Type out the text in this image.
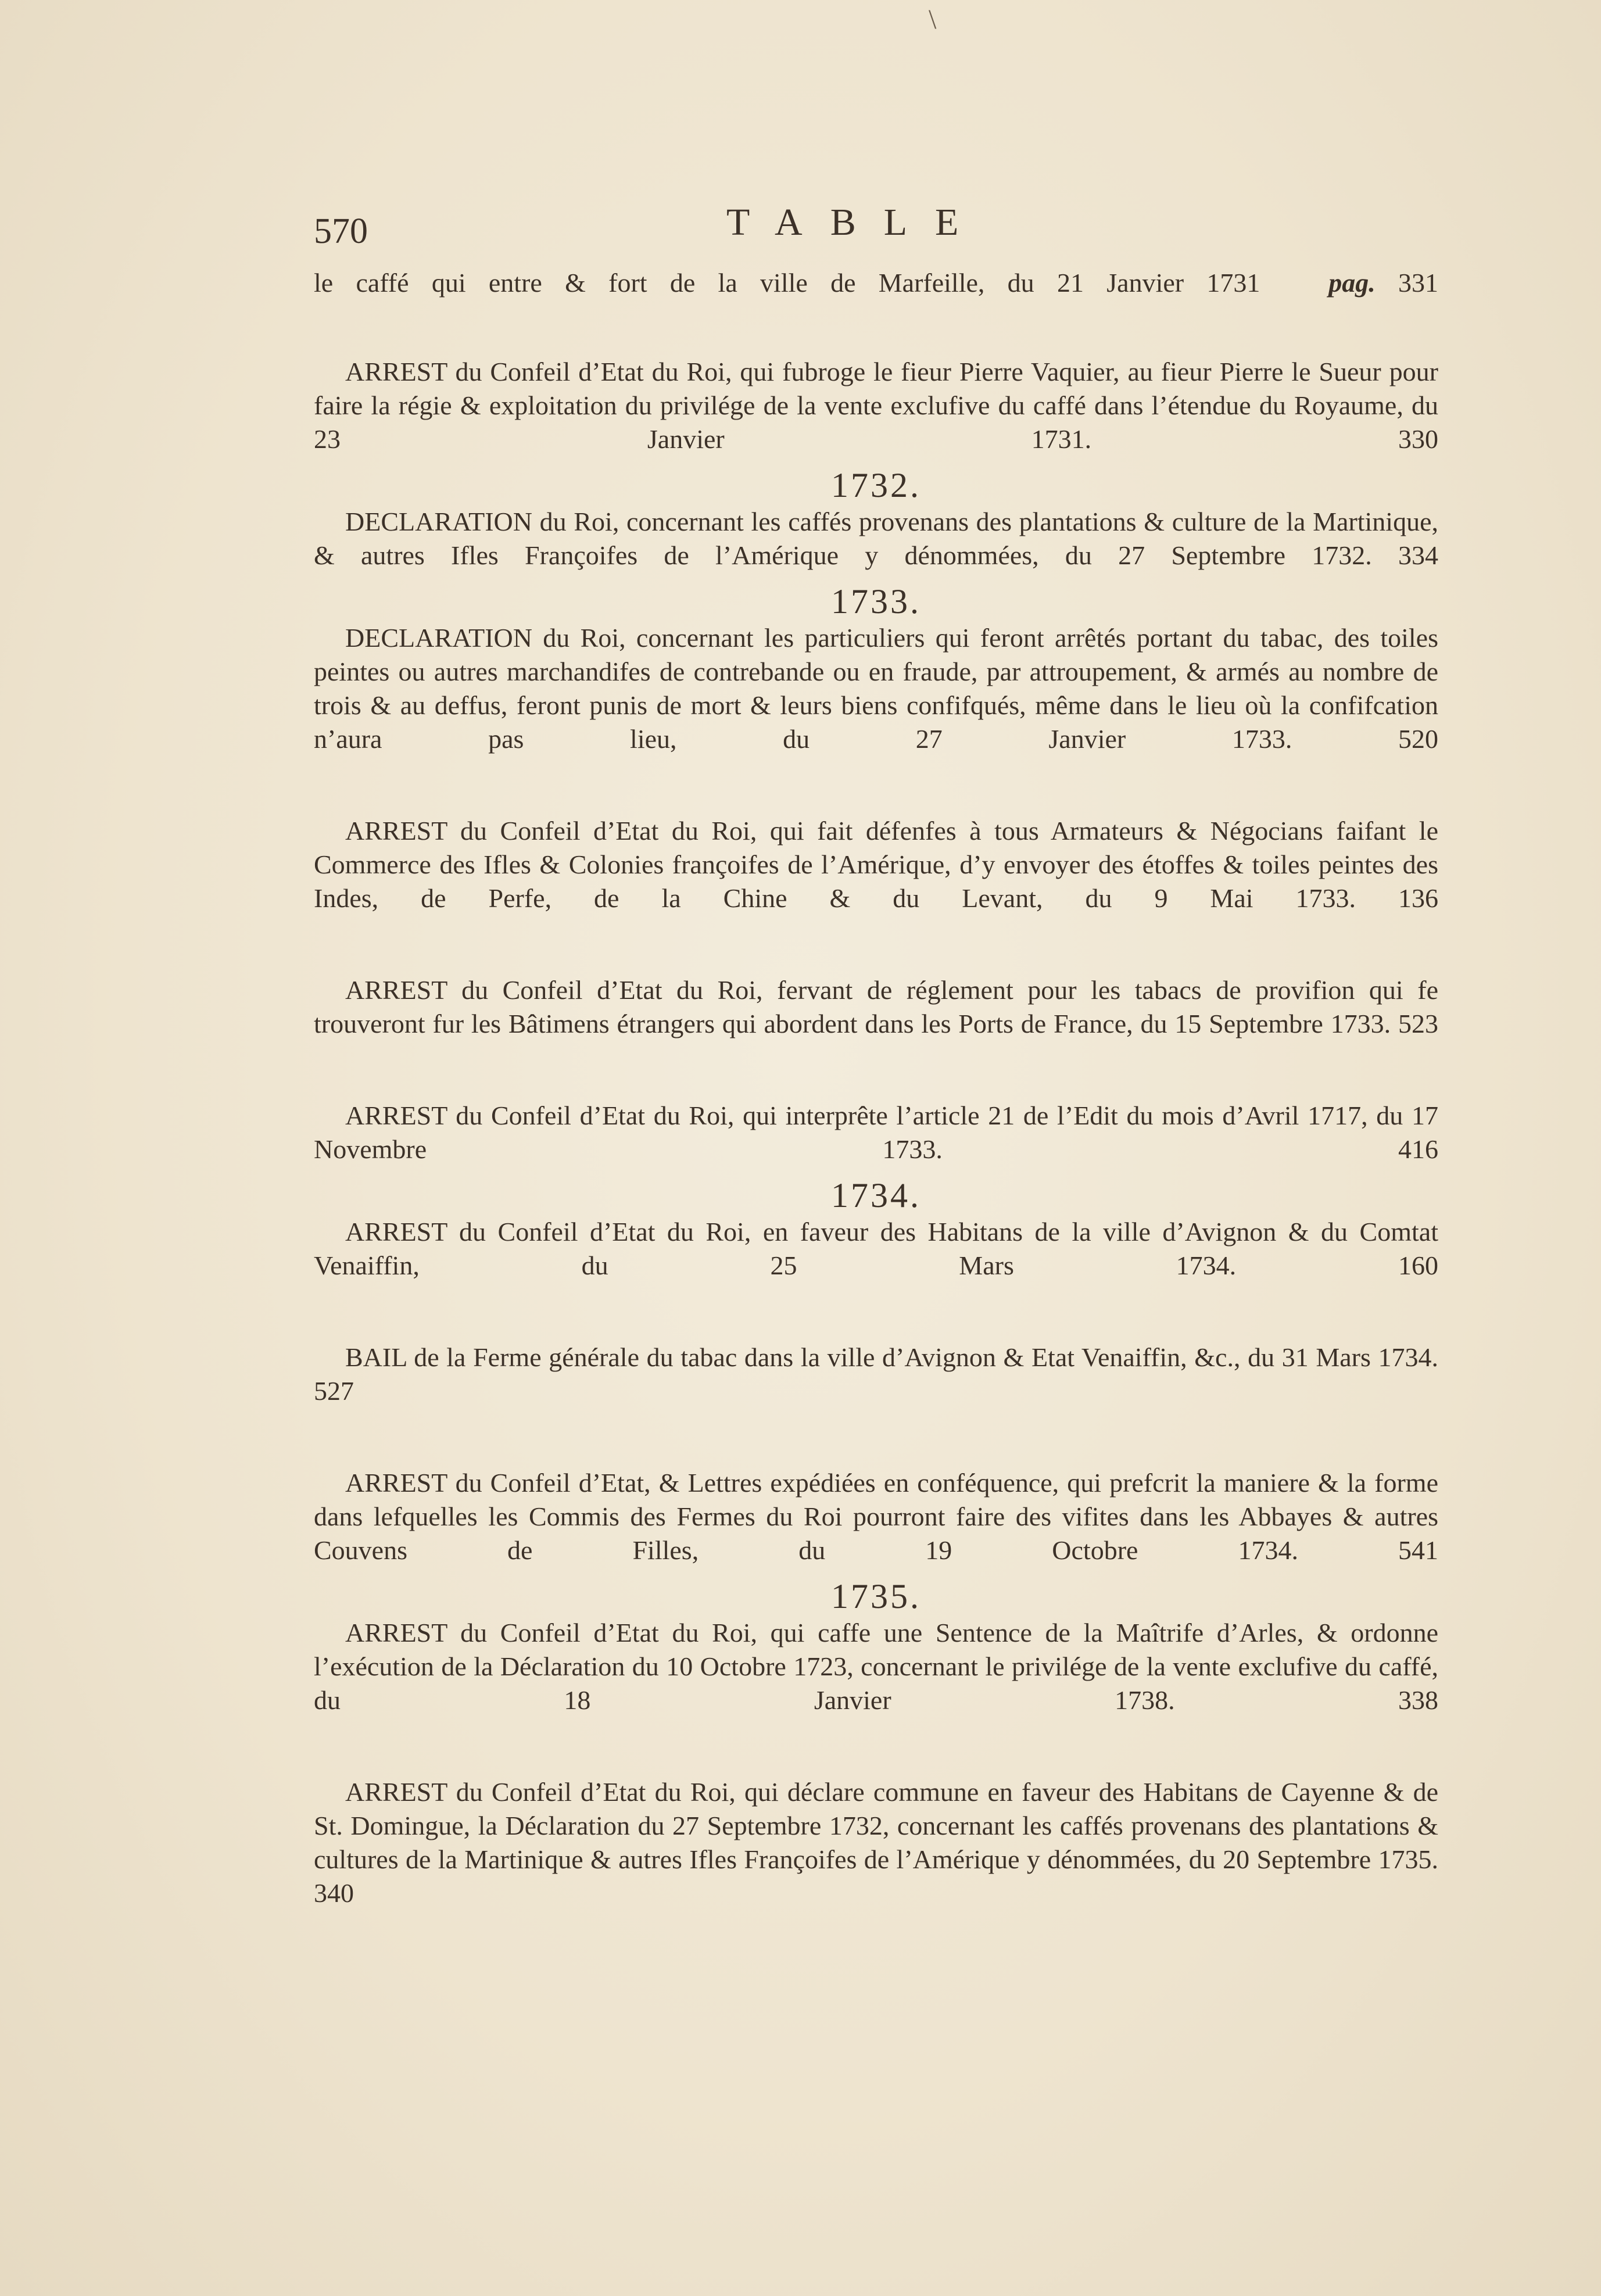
\
570	TABLE
le caffé qui entre & fort de la ville de Marfeille, du 21 Janvier 1731	pag. 331

ARREST du Confeil d’Etat du Roi, qui fubroge le fieur Pierre Vaquier, au fieur Pierre le Sueur pour faire la régie & exploitation du privilége de la vente exclufive du caffé dans l’étendue du Royaume, du 23 Janvier 1731.	330

1732.

DECLARATION du Roi, concernant les caffés provenans des plantations & culture de la Martinique, & autres Ifles Françoifes de l’Amérique y dénommées, du 27 Septembre 1732. 334

1733.

DECLARATION du Roi, concernant les particuliers qui feront arrêtés portant du tabac, des toiles peintes ou autres marchandifes de contrebande ou en fraude, par attroupement, & armés au nombre de trois & au deffus, feront punis de mort & leurs biens confifqués, même dans le lieu où la confifcation n’aura pas lieu, du 27 Janvier 1733.	520

ARREST du Confeil d’Etat du Roi, qui fait défenfes à tous Armateurs & Négocians faifant le Commerce des Ifles & Colonies françoifes de l’Amérique, d’y envoyer des étoffes & toiles peintes des Indes, de Perfe, de la Chine & du Levant, du 9 Mai 1733. 136

ARREST du Confeil d’Etat du Roi, fervant de réglement pour les tabacs de provifion qui fe trouveront fur les Bâtimens étrangers qui abordent dans les Ports de France, du 15 Septembre 1733. 523

ARREST du Confeil d’Etat du Roi, qui interprête l’article 21 de l’Edit du mois d’Avril 1717, du 17 Novembre 1733.	416

1734.

ARREST du Confeil d’Etat du Roi, en faveur des Habitans de la ville d’Avignon & du Comtat Venaiffin, du 25 Mars 1734.	160

BAIL de la Ferme générale du tabac dans la ville d’Avignon & Etat Venaiffin, &c., du 31 Mars 1734. 527

ARREST du Confeil d’Etat, & Lettres expédiées en conféquence, qui prefcrit la maniere & la forme dans lefquelles les Commis des Fermes du Roi pourront faire des vifites dans les Abbayes & autres Couvens de Filles, du 19 Octobre 1734.	541

1735.

ARREST du Confeil d’Etat du Roi, qui caffe une Sentence de la Maîtrife d’Arles, & ordonne l’exécution de la Déclaration du 10 Octobre 1723, concernant le privilége de la vente exclufive du caffé, du 18 Janvier 1738.	338

ARREST du Confeil d’Etat du Roi, qui déclare commune en faveur des Habitans de Cayenne & de St. Domingue, la Déclaration du 27 Septembre 1732, concernant les caffés provenans des plantations & cultures de la Martinique & autres Ifles Françoifes de l’Amérique y dénommées, du 20 Septembre 1735. 340
